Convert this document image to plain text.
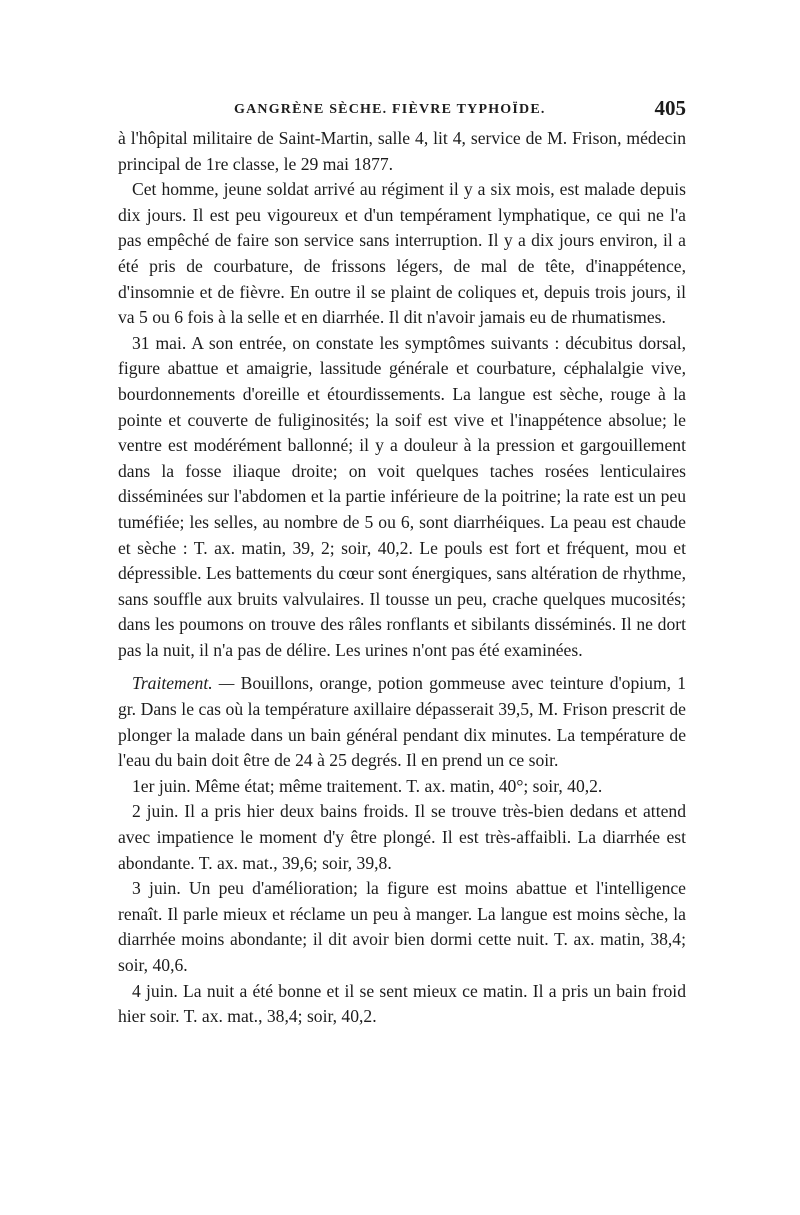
GANGRÈNE SÈCHE. FIÈVRE TYPHOÏDE.	405

à l'hôpital militaire de Saint-Martin, salle 4, lit 4, service de M. Frison, médecin principal de 1re classe, le 29 mai 1877.

Cet homme, jeune soldat arrivé au régiment il y a six mois, est malade depuis dix jours. Il est peu vigoureux et d'un tempérament lymphatique, ce qui ne l'a pas empêché de faire son service sans interruption. Il y a dix jours environ, il a été pris de courbature, de frissons légers, de mal de tête, d'inappétence, d'insomnie et de fièvre. En outre il se plaint de coliques et, depuis trois jours, il va 5 ou 6 fois à la selle et en diarrhée. Il dit n'avoir jamais eu de rhumatismes.

31 mai. A son entrée, on constate les symptômes suivants : décubitus dorsal, figure abattue et amaigrie, lassitude générale et courbature, céphalalgie vive, bourdonnements d'oreille et étourdissements. La langue est sèche, rouge à la pointe et couverte de fuliginosités; la soif est vive et l'inappétence absolue; le ventre est modérément ballonné; il y a douleur à la pression et gargouillement dans la fosse iliaque droite; on voit quelques taches rosées lenticulaires disséminées sur l'abdomen et la partie inférieure de la poitrine; la rate est un peu tuméfiée; les selles, au nombre de 5 ou 6, sont diarrhéiques. La peau est chaude et sèche : T. ax. matin, 39, 2; soir, 40,2. Le pouls est fort et fréquent, mou et dépressible. Les battements du cœur sont énergiques, sans altération de rhythme, sans souffle aux bruits valvulaires. Il tousse un peu, crache quelques mucosités; dans les poumons on trouve des râles ronflants et sibilants disséminés. Il ne dort pas la nuit, il n'a pas de délire. Les urines n'ont pas été examinées.

Traitement. — Bouillons, orange, potion gommeuse avec teinture d'opium, 1 gr. Dans le cas où la température axillaire dépasserait 39,5, M. Frison prescrit de plonger la malade dans un bain général pendant dix minutes. La température de l'eau du bain doit être de 24 à 25 degrés. Il en prend un ce soir.

1er juin. Même état; même traitement. T. ax. matin, 40°; soir, 40,2.

2 juin. Il a pris hier deux bains froids. Il se trouve très-bien dedans et attend avec impatience le moment d'y être plongé. Il est très-affaibli. La diarrhée est abondante. T. ax. mat., 39,6; soir, 39,8.

3 juin. Un peu d'amélioration; la figure est moins abattue et l'intelligence renaît. Il parle mieux et réclame un peu à manger. La langue est moins sèche, la diarrhée moins abondante; il dit avoir bien dormi cette nuit. T. ax. matin, 38,4; soir, 40,6.

4 juin. La nuit a été bonne et il se sent mieux ce matin. Il a pris un bain froid hier soir. T. ax. mat., 38,4; soir, 40,2.
